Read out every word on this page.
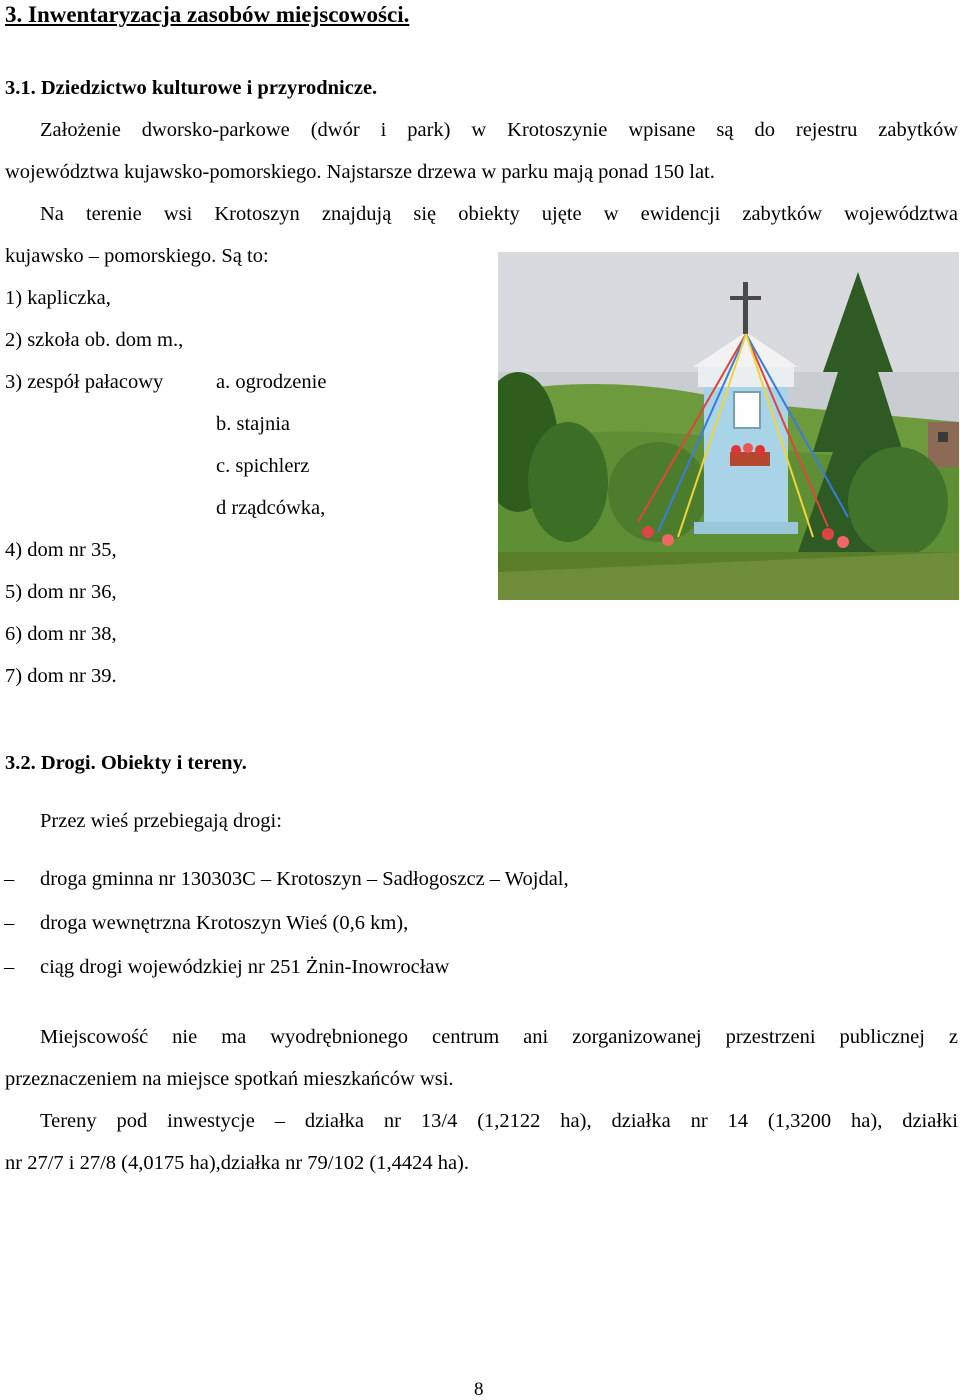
3. Inwentaryzacja zasobów miejscowości.
3.1. Dziedzictwo kulturowe i przyrodnicze.
Założenie dworsko-parkowe (dwór i park) w Krotoszynie wpisane są do rejestru zabytków
województwa kujawsko-pomorskiego. Najstarsze drzewa w parku mają ponad 150 lat.
Na terenie wsi Krotoszyn znajdują się obiekty ujęte w ewidencji zabytków województwa
kujawsko – pomorskiego. Są to:
1) kapliczka,
2) szkoła ob. dom m.,
3) zespół pałacowy	a. ogrodzenie
b. stajnia
c. spichlerz
d rządcówka,
4) dom nr 35,
5) dom nr 36,
6) dom nr 38,
7) dom nr 39.
3.2. Drogi. Obiekty i tereny.
Przez wieś przebiegają drogi:
– droga gminna nr 130303C – Krotoszyn – Sadłogoszcz – Wojdal,
– droga wewnętrzna Krotoszyn Wieś (0,6 km),
– ciąg drogi wojewódzkiej nr 251 Żnin-Inowrocław
Miejscowość nie ma wyodrębnionego centrum ani zorganizowanej przestrzeni publicznej z
przeznaczeniem na miejsce spotkań mieszkańców wsi.
Tereny pod inwestycje – działka nr 13/4 (1,2122 ha), działka nr 14 (1,3200 ha), działki
nr 27/7 i 27/8 (4,0175 ha),działka nr 79/102 (1,4424 ha).
8
